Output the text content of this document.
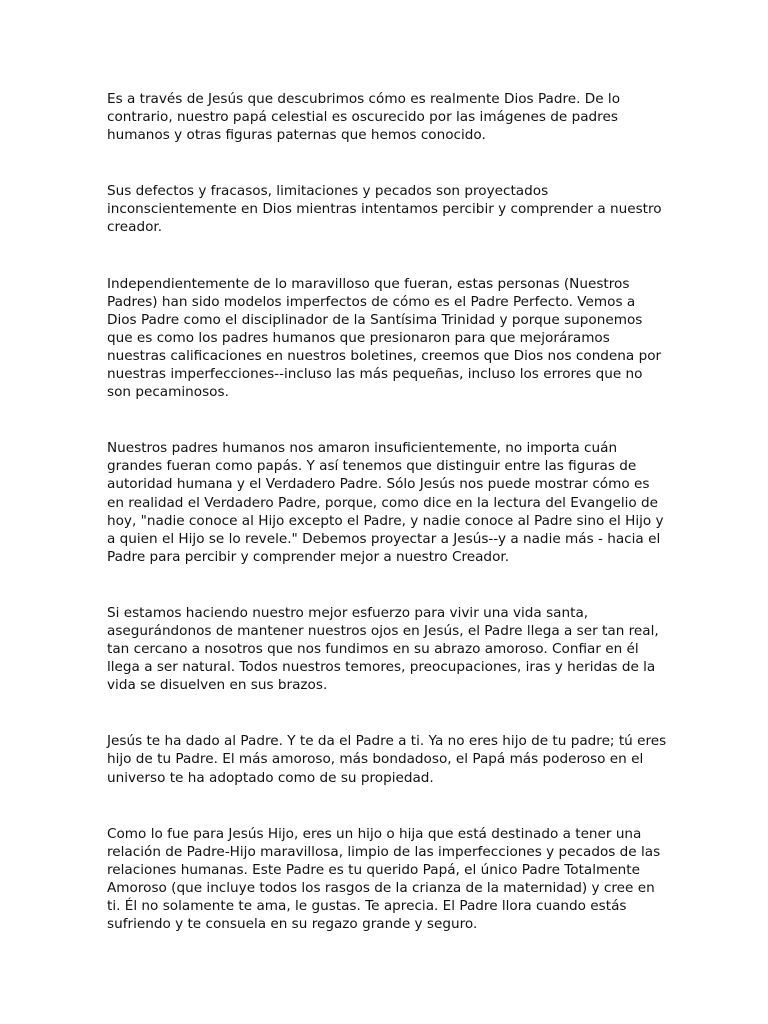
Es a través de Jesús que descubrimos cómo es realmente Dios Padre. De lo contrario, nuestro papá celestial es oscurecido por las imágenes de padres humanos y otras figuras paternas que hemos conocido.

Sus defectos y fracasos, limitaciones y pecados son proyectados inconscientemente en Dios mientras intentamos percibir y comprender a nuestro creador.

Independientemente de lo maravilloso que fueran, estas personas (Nuestros Padres) han sido modelos imperfectos de cómo es el Padre Perfecto. Vemos a Dios Padre como el disciplinador de la Santísima Trinidad y porque suponemos que es como los padres humanos que presionaron para que mejoráramos nuestras calificaciones en nuestros boletines, creemos que Dios nos condena por nuestras imperfecciones--incluso las más pequeñas, incluso los errores que no son pecaminosos.

Nuestros padres humanos nos amaron insuficientemente, no importa cuán grandes fueran como papás. Y así tenemos que distinguir entre las figuras de autoridad humana y el Verdadero Padre. Sólo Jesús nos puede mostrar cómo es en realidad el Verdadero Padre, porque, como dice en la lectura del Evangelio de hoy, "nadie conoce al Hijo excepto el Padre, y nadie conoce al Padre sino el Hijo y a quien el Hijo se lo revele." Debemos proyectar a Jesús--y a nadie más - hacia el Padre para percibir y comprender mejor a nuestro Creador.

Si estamos haciendo nuestro mejor esfuerzo para vivir una vida santa, asegurándonos de mantener nuestros ojos en Jesús, el Padre llega a ser tan real, tan cercano a nosotros que nos fundimos en su abrazo amoroso. Confiar en él llega a ser natural. Todos nuestros temores, preocupaciones, iras y heridas de la vida se disuelven en sus brazos.

Jesús te ha dado al Padre. Y te da el Padre a ti. Ya no eres hijo de tu padre; tú eres hijo de tu Padre. El más amoroso, más bondadoso, el Papá más poderoso en el universo te ha adoptado como de su propiedad.

Como lo fue para Jesús Hijo, eres un hijo o hija que está destinado a tener una relación de Padre-Hijo maravillosa, limpio de las imperfecciones y pecados de las relaciones humanas. Este Padre es tu querido Papá, el único Padre Totalmente Amoroso (que incluye todos los rasgos de la crianza de la maternidad) y cree en ti. Él no solamente te ama, le gustas. Te aprecia. El Padre llora cuando estás sufriendo y te consuela en su regazo grande y seguro.
